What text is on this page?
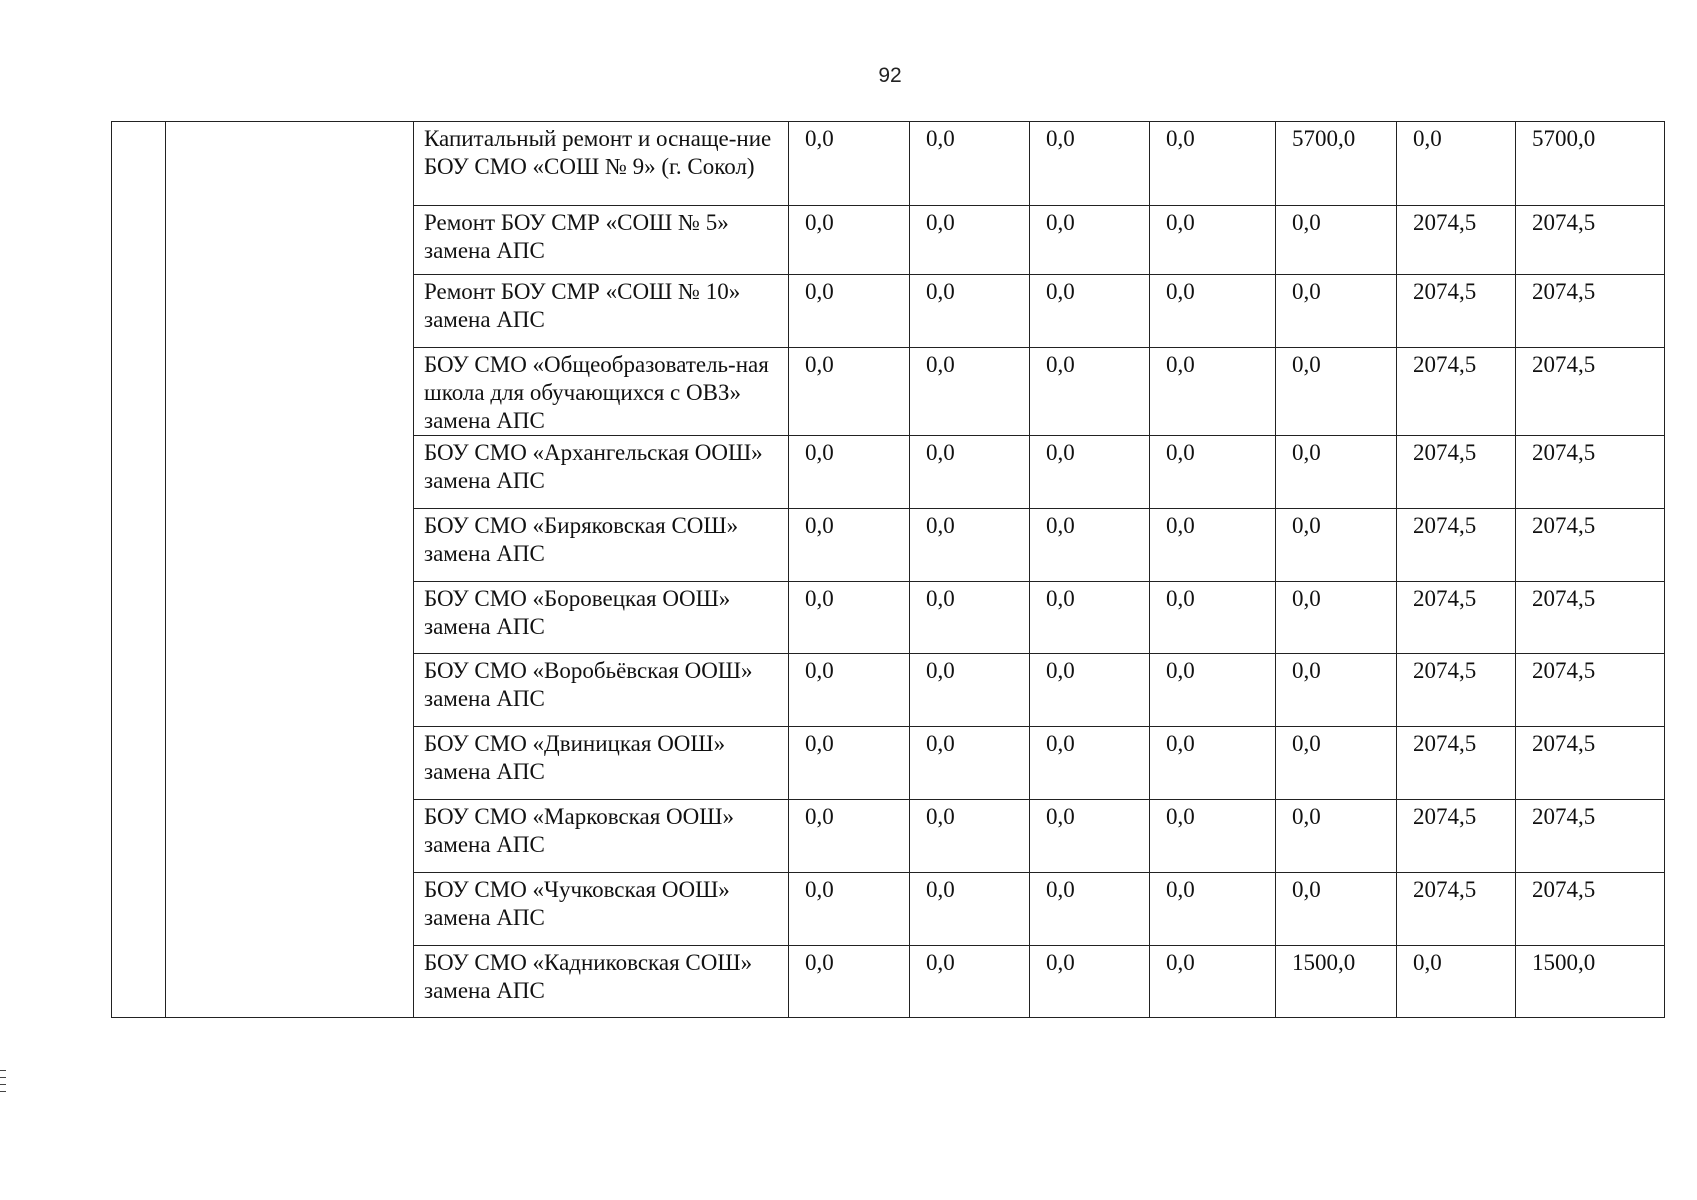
92
		Капитальный ремонт и оснаще-ние БОУ СМО «СОШ № 9» (г. Сокол)	0,0	0,0	0,0	0,0	5700,0	0,0	5700,0
		Ремонт БОУ СМР «СОШ № 5» замена АПС	0,0	0,0	0,0	0,0	0,0	2074,5	2074,5
		Ремонт БОУ СМР «СОШ № 10» замена АПС	0,0	0,0	0,0	0,0	0,0	2074,5	2074,5
		БОУ СМО «Общеобразователь-ная школа для обучающихся с ОВЗ» замена АПС	0,0	0,0	0,0	0,0	0,0	2074,5	2074,5
		БОУ СМО «Архангельская ООШ» замена АПС	0,0	0,0	0,0	0,0	0,0	2074,5	2074,5
		БОУ СМО «Биряковская СОШ» замена АПС	0,0	0,0	0,0	0,0	0,0	2074,5	2074,5
		БОУ СМО «Боровецкая ООШ» замена АПС	0,0	0,0	0,0	0,0	0,0	2074,5	2074,5
		БОУ СМО «Воробьёвская ООШ» замена АПС	0,0	0,0	0,0	0,0	0,0	2074,5	2074,5
		БОУ СМО «Двиницкая ООШ» замена АПС	0,0	0,0	0,0	0,0	0,0	2074,5	2074,5
		БОУ СМО «Марковская ООШ» замена АПС	0,0	0,0	0,0	0,0	0,0	2074,5	2074,5
		БОУ СМО «Чучковская ООШ» замена АПС	0,0	0,0	0,0	0,0	0,0	2074,5	2074,5
		БОУ СМО «Кадниковская СОШ» замена АПС	0,0	0,0	0,0	0,0	1500,0	0,0	1500,0
